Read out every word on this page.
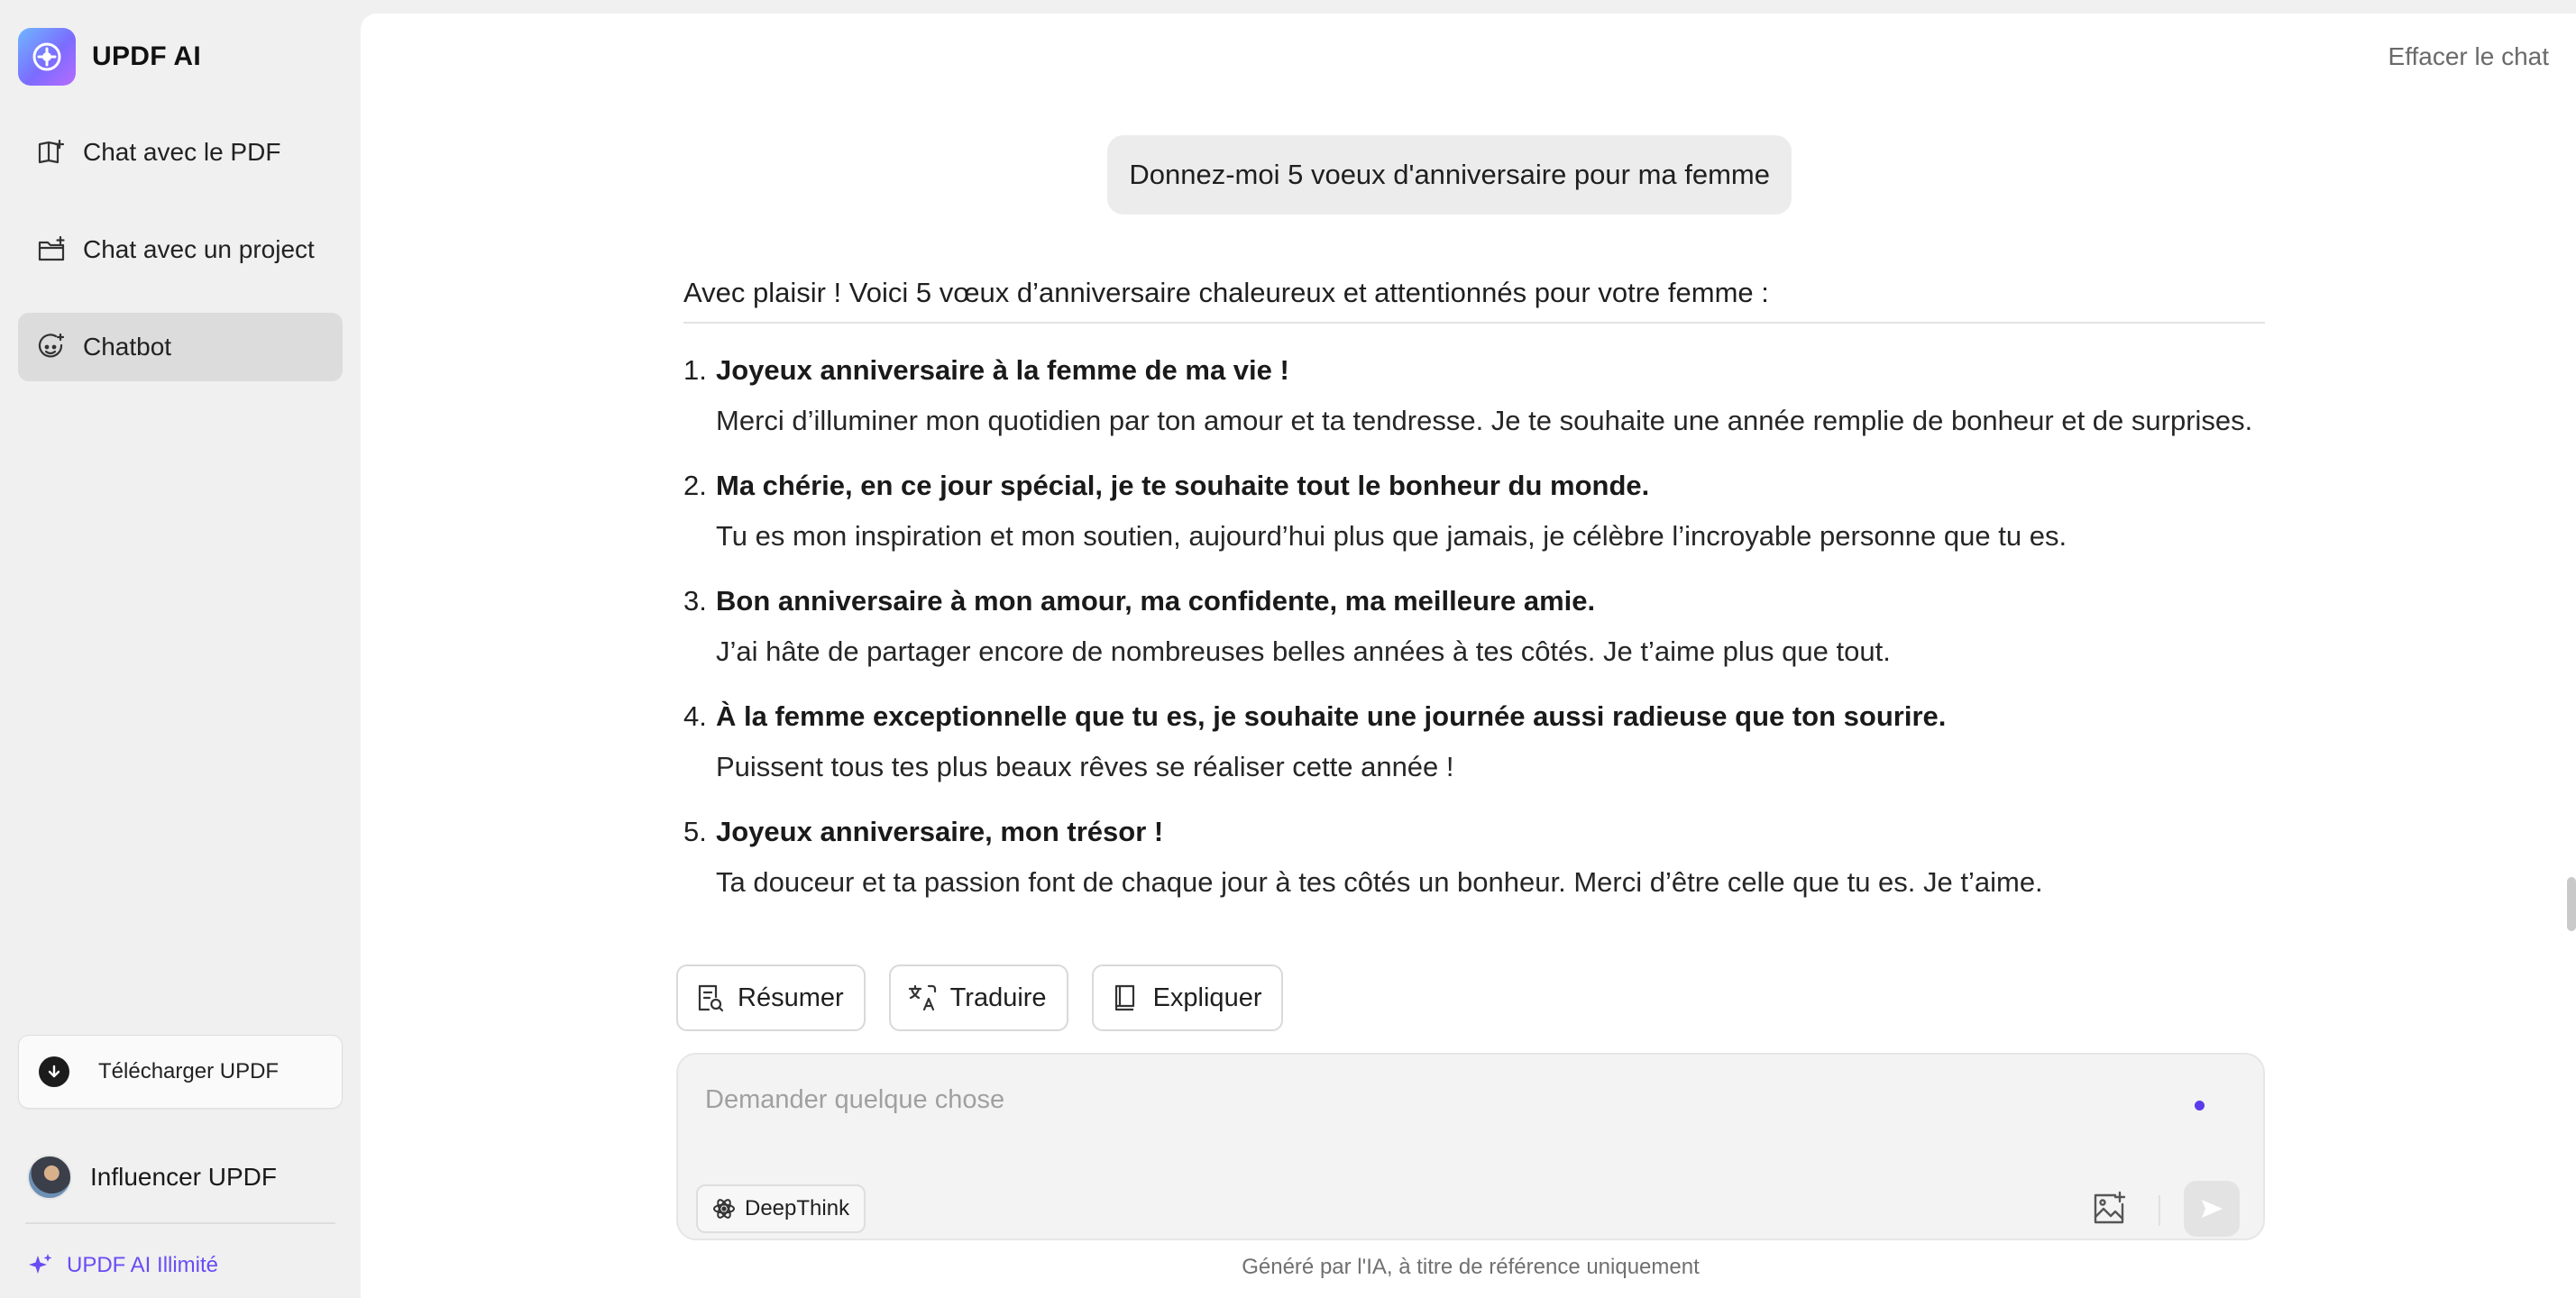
UPDF AI
Chat avec le PDF
Chat avec un project
Chatbot
Télécharger UPDF
Influencer UPDF
UPDF AI Illimité
Effacer le chat
Donnez-moi 5 voeux d'anniversaire pour ma femme

Avec plaisir ! Voici 5 vœux d’anniversaire chaleureux et attentionnés pour votre femme :

1. Joyeux anniversaire à la femme de ma vie !
Merci d’illuminer mon quotidien par ton amour et ta tendresse. Je te souhaite une année remplie de bonheur et de surprises.
2. Ma chérie, en ce jour spécial, je te souhaite tout le bonheur du monde.
Tu es mon inspiration et mon soutien, aujourd’hui plus que jamais, je célèbre l’incroyable personne que tu es.
3. Bon anniversaire à mon amour, ma confidente, ma meilleure amie.
J’ai hâte de partager encore de nombreuses belles années à tes côtés. Je t’aime plus que tout.
4. À la femme exceptionnelle que tu es, je souhaite une journée aussi radieuse que ton sourire.
Puissent tous tes plus beaux rêves se réaliser cette année !
5. Joyeux anniversaire, mon trésor !
Ta douceur et ta passion font de chaque jour à tes côtés un bonheur. Merci d’être celle que tu es. Je t’aime.
Résumer	Traduire	Expliquer
Demander quelque chose
DeepThink
Généré par l'IA, à titre de référence uniquement
